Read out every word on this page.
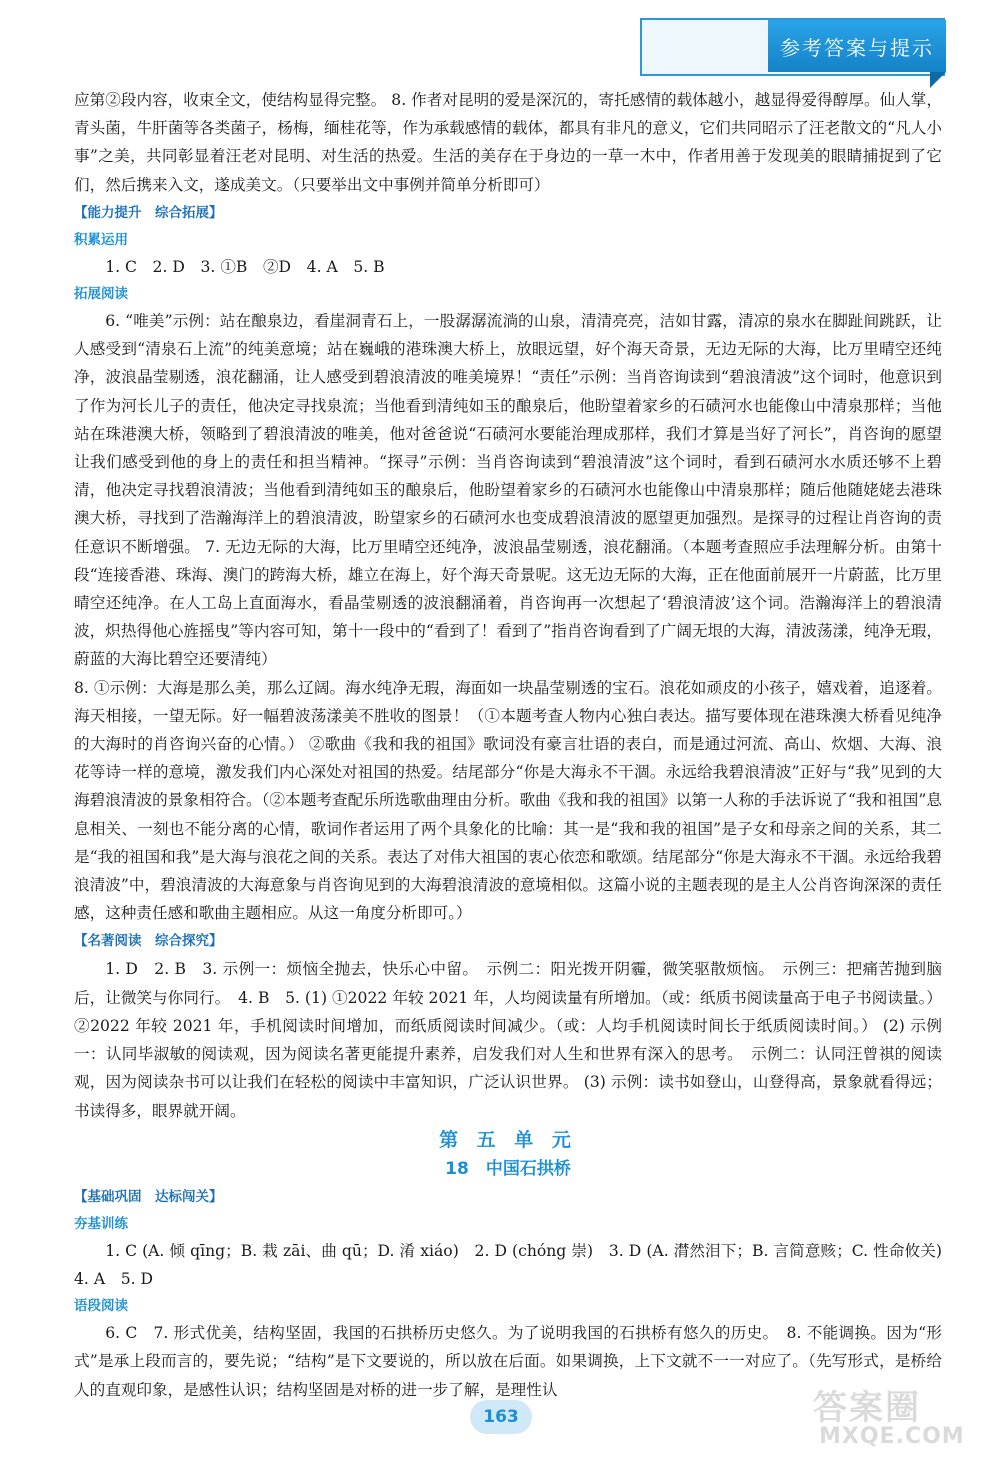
参考答案与提示

应第②段内容，收束全文，使结构显得完整。 8. 作者对昆明的爱是深沉的，寄托感情的载体越小，越显得爱得醇厚。仙人掌，青头菌，牛肝菌等各类菌子，杨梅，缅桂花等，作为承载感情的载体，都具有非凡的意义，它们共同昭示了汪老散文的“凡人小事”之美，共同彰显着汪老对昆明、对生活的热爱。生活的美存在于身边的一草一木中，作者用善于发现美的眼睛捕捉到了它们，然后携来入文，遂成美文。（只要举出文中事例并简单分析即可）

【能力提升　综合拓展】

积累运用

1. C　2. D　3. ①B　②D　4. A　5. B

拓展阅读

6. “唯美”示例：站在酿泉边，看崖洞青石上，一股潺潺流淌的山泉，清清亮亮，洁如甘露，清凉的泉水在脚趾间跳跃，让人感受到“清泉石上流”的纯美意境；站在巍峨的港珠澳大桥上，放眼远望，好个海天奇景，无边无际的大海，比万里晴空还纯净，波浪晶莹剔透，浪花翻涌，让人感受到碧浪清波的唯美境界！“责任”示例：当肖咨询读到“碧浪清波”这个词时，他意识到了作为河长儿子的责任，他决定寻找泉流；当他看到清纯如玉的酿泉后，他盼望着家乡的石碛河水也能像山中清泉那样；当他站在珠港澳大桥，领略到了碧浪清波的唯美，他对爸爸说“石碛河水要能治理成那样，我们才算是当好了河长”，肖咨询的愿望让我们感受到他的身上的责任和担当精神。“探寻”示例：当肖咨询读到“碧浪清波”这个词时，看到石碛河水水质还够不上碧清，他决定寻找碧浪清波；当他看到清纯如玉的酿泉后，他盼望着家乡的石碛河水也能像山中清泉那样；随后他随姥姥去港珠澳大桥，寻找到了浩瀚海洋上的碧浪清波，盼望家乡的石碛河水也变成碧浪清波的愿望更加强烈。是探寻的过程让肖咨询的责任意识不断增强。 7. 无边无际的大海，比万里晴空还纯净，波浪晶莹剔透，浪花翻涌。（本题考查照应手法理解分析。由第十段“连接香港、珠海、澳门的跨海大桥，雄立在海上，好个海天奇景呢。这无边无际的大海，正在他面前展开一片蔚蓝，比万里晴空还纯净。在人工岛上直面海水，看晶莹剔透的波浪翻涌着，肖咨询再一次想起了‘碧浪清波’这个词。浩瀚海洋上的碧浪清波，炽热得他心旌摇曳”等内容可知，第十一段中的“看到了！看到了”指肖咨询看到了广阔无垠的大海，清波荡漾，纯净无瑕，蔚蓝的大海比碧空还要清纯）

8. ①示例：大海是那么美，那么辽阔。海水纯净无瑕，海面如一块晶莹剔透的宝石。浪花如顽皮的小孩子，嬉戏着，追逐着。海天相接，一望无际。好一幅碧波荡漾美不胜收的图景！（①本题考查人物内心独白表达。描写要体现在港珠澳大桥看见纯净的大海时的肖咨询兴奋的心情。） ②歌曲《我和我的祖国》歌词没有豪言壮语的表白，而是通过河流、高山、炊烟、大海、浪花等诗一样的意境，激发我们内心深处对祖国的热爱。结尾部分“你是大海永不干涸。永远给我碧浪清波”正好与“我”见到的大海碧浪清波的景象相符合。（②本题考查配乐所选歌曲理由分析。歌曲《我和我的祖国》以第一人称的手法诉说了“我和祖国”息息相关、一刻也不能分离的心情，歌词作者运用了两个具象化的比喻：其一是“我和我的祖国”是子女和母亲之间的关系，其二是“我的祖国和我”是大海与浪花之间的关系。表达了对伟大祖国的衷心依恋和歌颂。结尾部分“你是大海永不干涸。永远给我碧浪清波”中，碧浪清波的大海意象与肖咨询见到的大海碧浪清波的意境相似。这篇小说的主题表现的是主人公肖咨询深深的责任感，这种责任感和歌曲主题相应。从这一角度分析即可。）

【名著阅读　综合探究】

1. D　2. B　3. 示例一：烦恼全抛去，快乐心中留。　示例二：阳光拨开阴霾，微笑驱散烦恼。　示例三：把痛苦抛到脑后，让微笑与你同行。　4. B　5. (1) ①2022 年较 2021 年，人均阅读量有所增加。（或：纸质书阅读量高于电子书阅读量。） ②2022 年较 2021 年，手机阅读时间增加，而纸质阅读时间减少。（或：人均手机阅读时间长于纸质阅读时间。） (2) 示例一：认同毕淑敏的阅读观，因为阅读名著更能提升素养，启发我们对人生和世界有深入的思考。　示例二：认同汪曾祺的阅读观，因为阅读杂书可以让我们在轻松的阅读中丰富知识，广泛认识世界。 (3) 示例：读书如登山，山登得高，景象就看得远；书读得多，眼界就开阔。

第 五 单 元

18　中国石拱桥

【基础巩固　达标闯关】

夯基训练

1. C (A. 倾 qīng；B. 栽 zāi、曲 qū；D. 淆 xiáo)　2. D (chóng 崇)　3. D (A. 潸然泪下；B. 言简意赅；C. 性命攸关)　4. A　5. D

语段阅读

6. C　7. 形式优美，结构坚固，我国的石拱桥历史悠久。为了说明我国的石拱桥有悠久的历史。　8. 不能调换。因为“形式”是承上段而言的，要先说；“结构”是下文要说的，所以放在后面。如果调换，上下文就不一一对应了。（先写形式，是桥给人的直观印象，是感性认识；结构坚固是对桥的进一步了解，是理性认

163	答案圈
MXQE.COM
